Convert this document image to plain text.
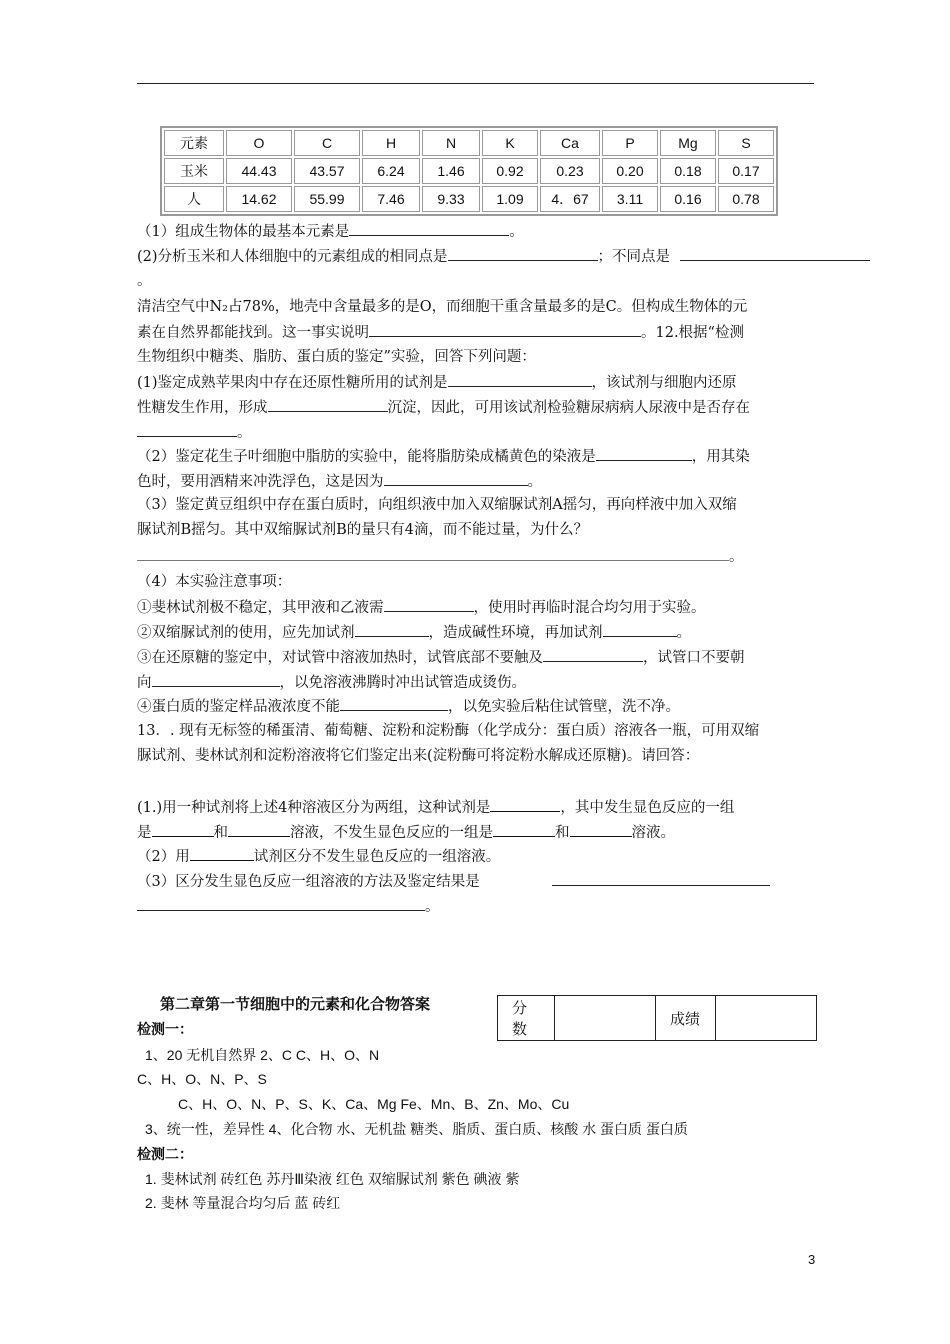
元素	O	C	H	N	K	Ca	P	Mg	S
玉米	44.43	43.57	6.24	1.46	0.92	0.23	0.20	0.18	0.17
人	14.62	55.99	7.46	9.33	1.09	4．67	3.11	0.16	0.78
（1）组成生物体的最基本元素是	。
(2)分析玉米和人体细胞中的元素组成的相同点是	；不同点是
。
清洁空气中N₂占78%，地壳中含量最多的是O，而细胞干重含量最多的是C。但构成生物体的元
素在自然界都能找到。这一事实说明	。12.根据“检测
生物组织中糖类、脂肪、蛋白质的鉴定”实验，回答下列问题：
(1)鉴定成熟苹果肉中存在还原性糖所用的试剂是	，该试剂与细胞内还原
性糖发生作用，形成	沉淀，因此，可用该试剂检验糖尿病病人尿液中是否存在
。
（2）鉴定花生子叶细胞中脂肪的实验中，能将脂肪染成橘黄色的染液是	，用其染
色时，要用酒精来冲洗浮色，这是因为	。
（3）鉴定黄豆组织中存在蛋白质时，向组织液中加入双缩脲试剂A摇匀，再向样液中加入双缩
脲试剂B摇匀。其中双缩脲试剂B的量只有4滴，而不能过量，为什么？
。
（4）本实验注意事项：
①斐林试剂极不稳定，其甲液和乙液需	，使用时再临时混合均匀用于实验。
②双缩脲试剂的使用，应先加试剂	，造成碱性环境，再加试剂	。
③在还原糖的鉴定中，对试管中溶液加热时，试管底部不要触及	，试管口不要朝
向	，以免溶液沸腾时冲出试管造成烫伤。
④蛋白质的鉴定样品液浓度不能	，以免实验后粘住试管壁，洗不净。
13．. 现有无标签的稀蛋清、葡萄糖、淀粉和淀粉酶（化学成分：蛋白质）溶液各一瓶，可用双缩
脲试剂、斐林试剂和淀粉溶液将它们鉴定出来(淀粉酶可将淀粉水解成还原糖)。请回答：
(1.)用一种试剂将上述4种溶液区分为两组，这种试剂是	，其中发生显色反应的一组
是	和	溶液，不发生显色反应的一组是	和	溶液。
（2）用	试剂区分不发生显色反应的一组溶液。
（3）区分发生显色反应一组溶液的方法及鉴定结果是
。
第二章第一节细胞中的元素和化合物答案
检测一：
1、20 无机自然界 2、C C、H、O、N
C、H、O、N、P、S
C、H、O、N、P、S、K、Ca、Mg Fe、Mn、B、Zn、Mo、Cu
3、统一性，差异性 4、化合物 水、无机盐 糖类、脂质、蛋白质、核酸 水 蛋白质 蛋白质
检测二：
1. 斐林试剂 砖红色 苏丹Ⅲ染液 红色 双缩脲试剂 紫色 碘液 紫
2. 斐林 等量混合均匀后 蓝 砖红
分数		成绩	
3
